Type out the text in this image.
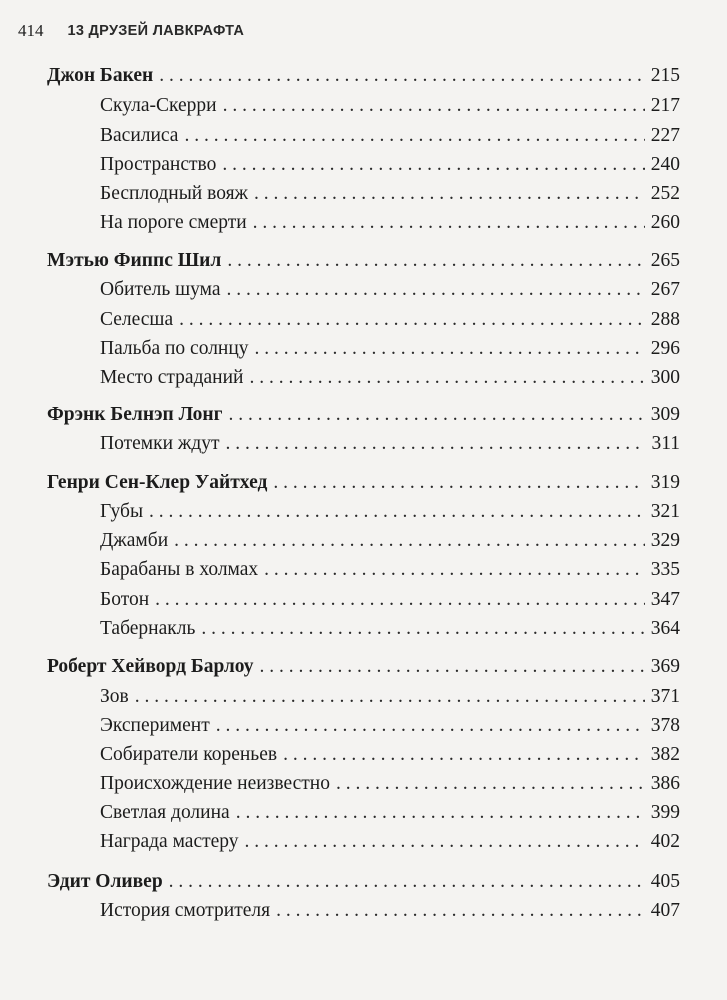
414 13 ДРУЗЕЙ ЛАВКРАФТА
Джон Бакен . . .	215
Скула-Скерри . . .	217
Василиса . . .	227
Пространство . . .	240
Бесплодный вояж . . .	252
На пороге смерти . . .	260
Мэтью Фиппс Шил . . .	265
Обитель шума . . .	267
Селесша . . .	288
Пальба по солнцу . . .	296
Место страданий . . .	300
Фрэнк Белнэп Лонг . . .	309
Потемки ждут . . .	311
Генри Сен-Клер Уайтхед . . .	319
Губы . . .	321
Джамби . . .	329
Барабаны в холмах . . .	335
Ботон . . .	347
Табернакль . . .	364
Роберт Хейворд Барлоу . . .	369
Зов . . .	371
Эксперимент . . .	378
Собиратели кореньев . . .	382
Происхождение неизвестно . . .	386
Светлая долина . . .	399
Награда мастеру . . .	402
Эдит Оливер . . .	405
История смотрителя . . .	407
